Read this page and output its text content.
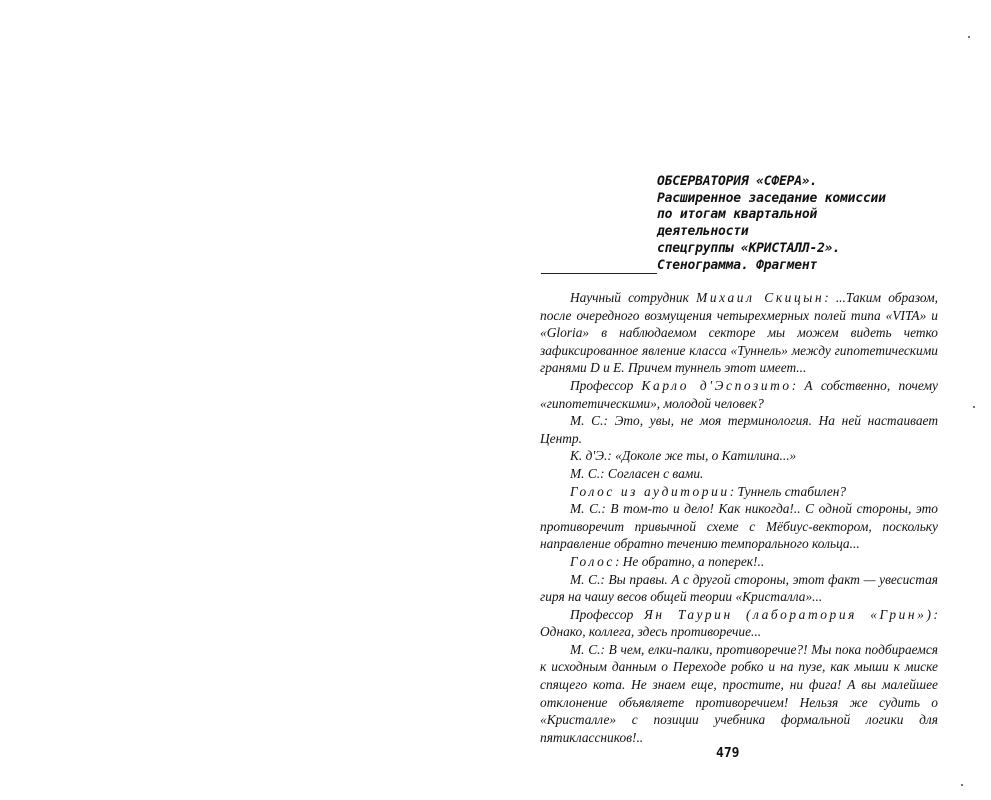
ОБСЕРВАТОРИЯ «СФЕРА».
Расширенное заседание комиссии
по итогам квартальной
деятельности
спецгруппы «КРИСТАЛЛ-2».
Стенограмма. Фрагмент

Научный сотрудник Михаил Скицын: ...Таким образом, после очередного возмущения четырехмерных полей типа «VITA» и «Gloria» в наблюдаемом секторе мы можем видеть четко зафиксированное явление класса «Туннель» между гипотетическими гранями D и E. Причем туннель этот имеет...

Профессор Карло д'Эспозито: А собственно, почему «гипотетическими», молодой человек?

М. С.: Это, увы, не моя терминология. На ней настаивает Центр.

К. д'Э.: «Доколе же ты, о Катилина...»

М. С.: Согласен с вами.

Голос из аудитории: Туннель стабилен?

М. С.: В том-то и дело! Как никогда!.. С одной стороны, это противоречит привычной схеме с Мёбиус-вектором, поскольку направление обратно течению темпорального кольца...

Голос: Не обратно, а поперек!..

М. С.: Вы правы. А с другой стороны, этот факт — увесистая гиря на чашу весов общей теории «Кристалла»...

Профессор Ян Таурин (лаборатория «Грин»): Однако, коллега, здесь противоречие...

М. С.: В чем, елки-палки, противоречие?! Мы пока подбираемся к исходным данным о Переходе робко и на пузе, как мыши к миске спящего кота. Не знаем еще, простите, ни фига! А вы малейшее отклонение объявляете противоречием! Нельзя же судить о «Кристалле» с позиции учебника формальной логики для пятиклассников!..

479
